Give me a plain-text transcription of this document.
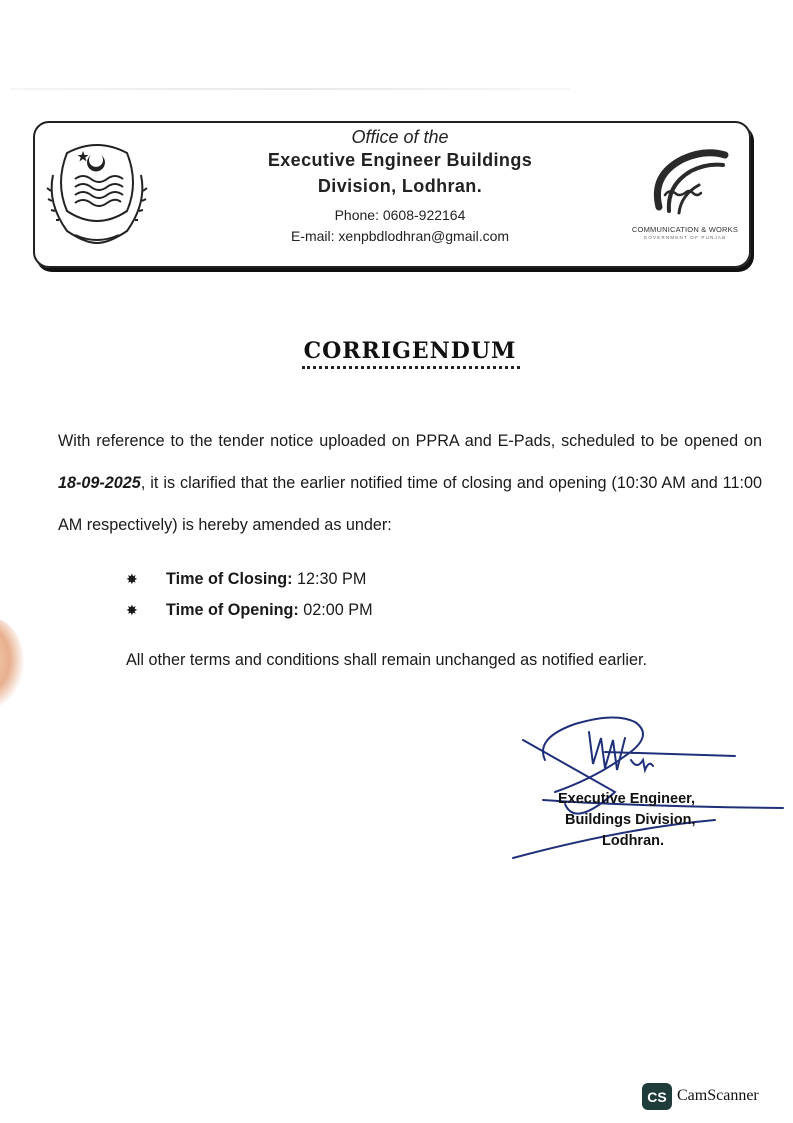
Office of the
Executive Engineer Buildings
Division, Lodhran.
Phone: 0608-922164
E-mail: xenpbdlodhran@gmail.com	COMMUNICATION & WORKS
GOVERNMENT OF PUNJAB
CORRIGENDUM
With reference to the tender notice uploaded on PPRA and E-Pads, scheduled to be opened on 18-09-2025, it is clarified that the earlier notified time of closing and opening (10:30 AM and 11:00 AM respectively) is hereby amended as under:
✸ Time of Closing: 12:30 PM
✸ Time of Opening: 02:00 PM
All other terms and conditions shall remain unchanged as notified earlier.
Executive Engineer,
Buildings Division,
Lodhran.
CS CamScanner
